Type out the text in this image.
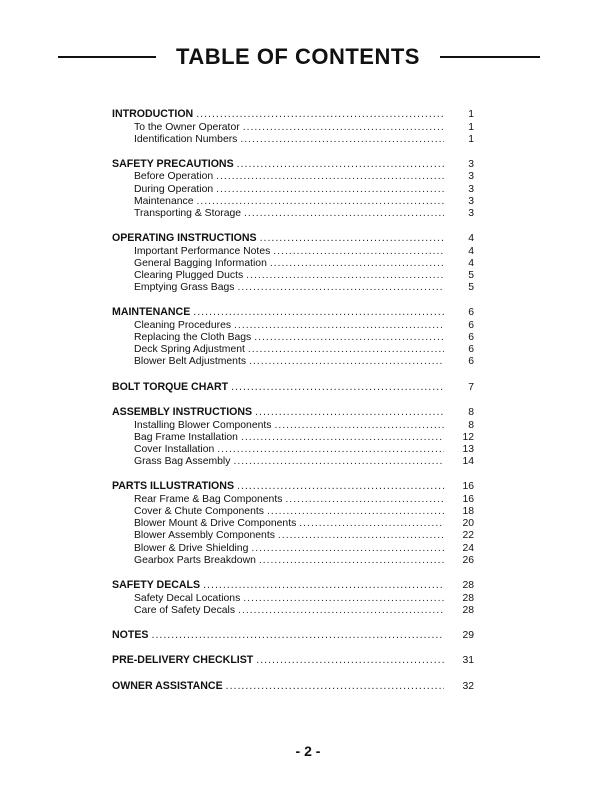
TABLE OF CONTENTS
INTRODUCTION .....	1
To the Owner Operator .....	1
Identification Numbers .....	1
SAFETY PRECAUTIONS .....	3
Before Operation .....	3
During Operation .....	3
Maintenance .....	3
Transporting & Storage .....	3
OPERATING INSTRUCTIONS .....	4
Important Performance Notes .....	4
General Bagging Information .....	4
Clearing Plugged Ducts .....	5
Emptying Grass Bags .....	5
MAINTENANCE .....	6
Cleaning Procedures .....	6
Replacing the Cloth Bags .....	6
Deck Spring Adjustment .....	6
Blower Belt Adjustments .....	6
BOLT TORQUE CHART .....	7
ASSEMBLY INSTRUCTIONS .....	8
Installing Blower Components .....	8
Bag Frame Installation .....	12
Cover Installation .....	13
Grass Bag Assembly .....	14
PARTS ILLUSTRATIONS .....	16
Rear Frame & Bag Components .....	16
Cover & Chute Components .....	18
Blower Mount & Drive Components .....	20
Blower Assembly Components .....	22
Blower & Drive Shielding .....	24
Gearbox Parts Breakdown .....	26
SAFETY DECALS .....	28
Safety Decal Locations .....	28
Care of Safety Decals .....	28
NOTES .....	29
PRE-DELIVERY CHECKLIST .....	31
OWNER ASSISTANCE .....	32
- 2 -
